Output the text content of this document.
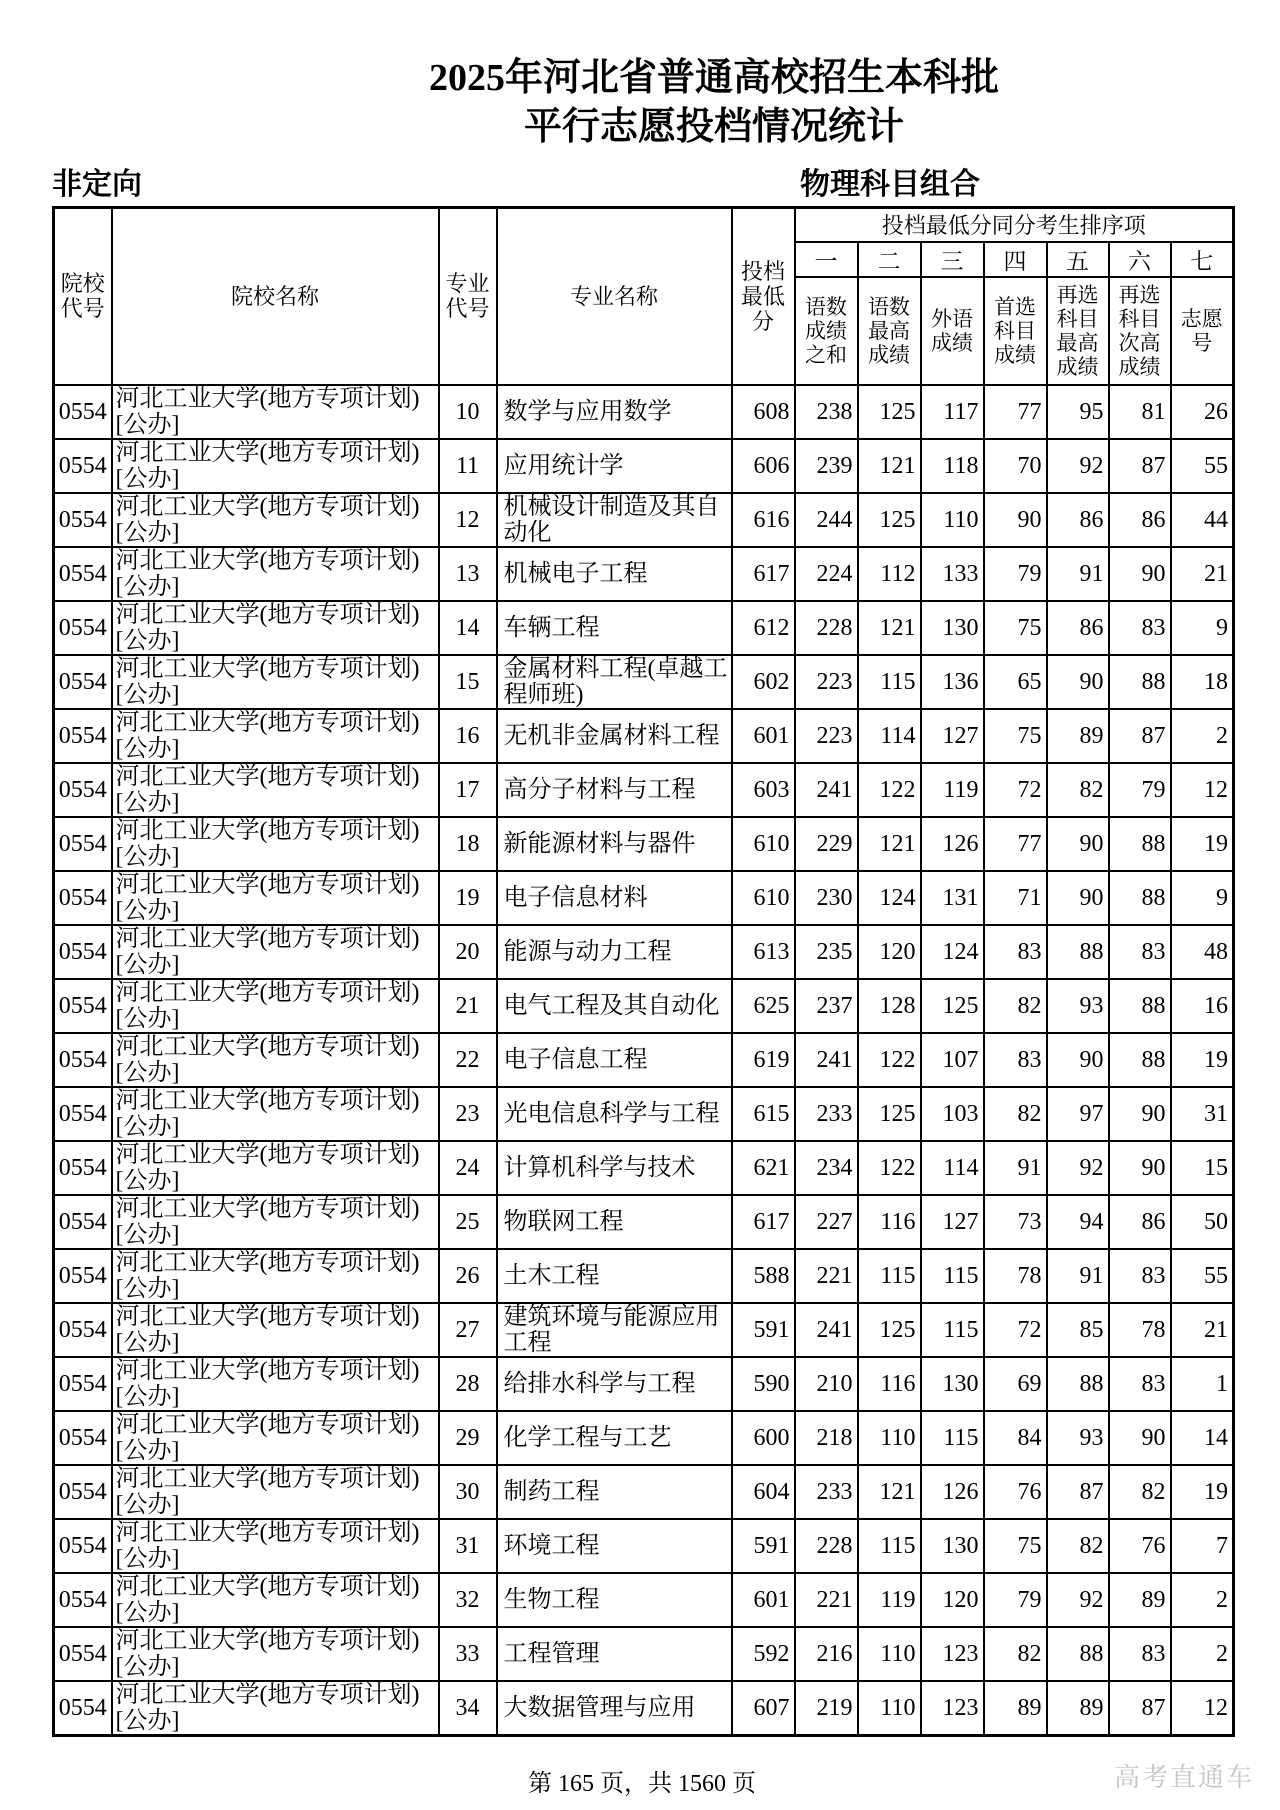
2025年河北省普通高校招生本科批
平行志愿投档情况统计
非定向	物理科目组合
院校代号	院校名称	专业代号	专业名称	投档最低分	投档最低分同分考生排序项						
					一	二	三	四	五	六	七
					语数成绩之和	语数最高成绩	外语成绩	首选科目成绩	再选科目最高成绩	再选科目次高成绩	志愿号
0554	河北工业大学(地方专项计划)[公办]	10	数学与应用数学	608	238	125	117	77	95	81	26
0554	河北工业大学(地方专项计划)[公办]	11	应用统计学	606	239	121	118	70	92	87	55
0554	河北工业大学(地方专项计划)[公办]	12	机械设计制造及其自动化	616	244	125	110	90	86	86	44
0554	河北工业大学(地方专项计划)[公办]	13	机械电子工程	617	224	112	133	79	91	90	21
0554	河北工业大学(地方专项计划)[公办]	14	车辆工程	612	228	121	130	75	86	83	9
0554	河北工业大学(地方专项计划)[公办]	15	金属材料工程(卓越工程师班)	602	223	115	136	65	90	88	18
0554	河北工业大学(地方专项计划)[公办]	16	无机非金属材料工程	601	223	114	127	75	89	87	2
0554	河北工业大学(地方专项计划)[公办]	17	高分子材料与工程	603	241	122	119	72	82	79	12
0554	河北工业大学(地方专项计划)[公办]	18	新能源材料与器件	610	229	121	126	77	90	88	19
0554	河北工业大学(地方专项计划)[公办]	19	电子信息材料	610	230	124	131	71	90	88	9
0554	河北工业大学(地方专项计划)[公办]	20	能源与动力工程	613	235	120	124	83	88	83	48
0554	河北工业大学(地方专项计划)[公办]	21	电气工程及其自动化	625	237	128	125	82	93	88	16
0554	河北工业大学(地方专项计划)[公办]	22	电子信息工程	619	241	122	107	83	90	88	19
0554	河北工业大学(地方专项计划)[公办]	23	光电信息科学与工程	615	233	125	103	82	97	90	31
0554	河北工业大学(地方专项计划)[公办]	24	计算机科学与技术	621	234	122	114	91	92	90	15
0554	河北工业大学(地方专项计划)[公办]	25	物联网工程	617	227	116	127	73	94	86	50
0554	河北工业大学(地方专项计划)[公办]	26	土木工程	588	221	115	115	78	91	83	55
0554	河北工业大学(地方专项计划)[公办]	27	建筑环境与能源应用工程	591	241	125	115	72	85	78	21
0554	河北工业大学(地方专项计划)[公办]	28	给排水科学与工程	590	210	116	130	69	88	83	1
0554	河北工业大学(地方专项计划)[公办]	29	化学工程与工艺	600	218	110	115	84	93	90	14
0554	河北工业大学(地方专项计划)[公办]	30	制药工程	604	233	121	126	76	87	82	19
0554	河北工业大学(地方专项计划)[公办]	31	环境工程	591	228	115	130	75	82	76	7
0554	河北工业大学(地方专项计划)[公办]	32	生物工程	601	221	119	120	79	92	89	2
0554	河北工业大学(地方专项计划)[公办]	33	工程管理	592	216	110	123	82	88	83	2
0554	河北工业大学(地方专项计划)[公办]	34	大数据管理与应用	607	219	110	123	89	89	87	12
第 165 页，共 1560 页	高考直通车
